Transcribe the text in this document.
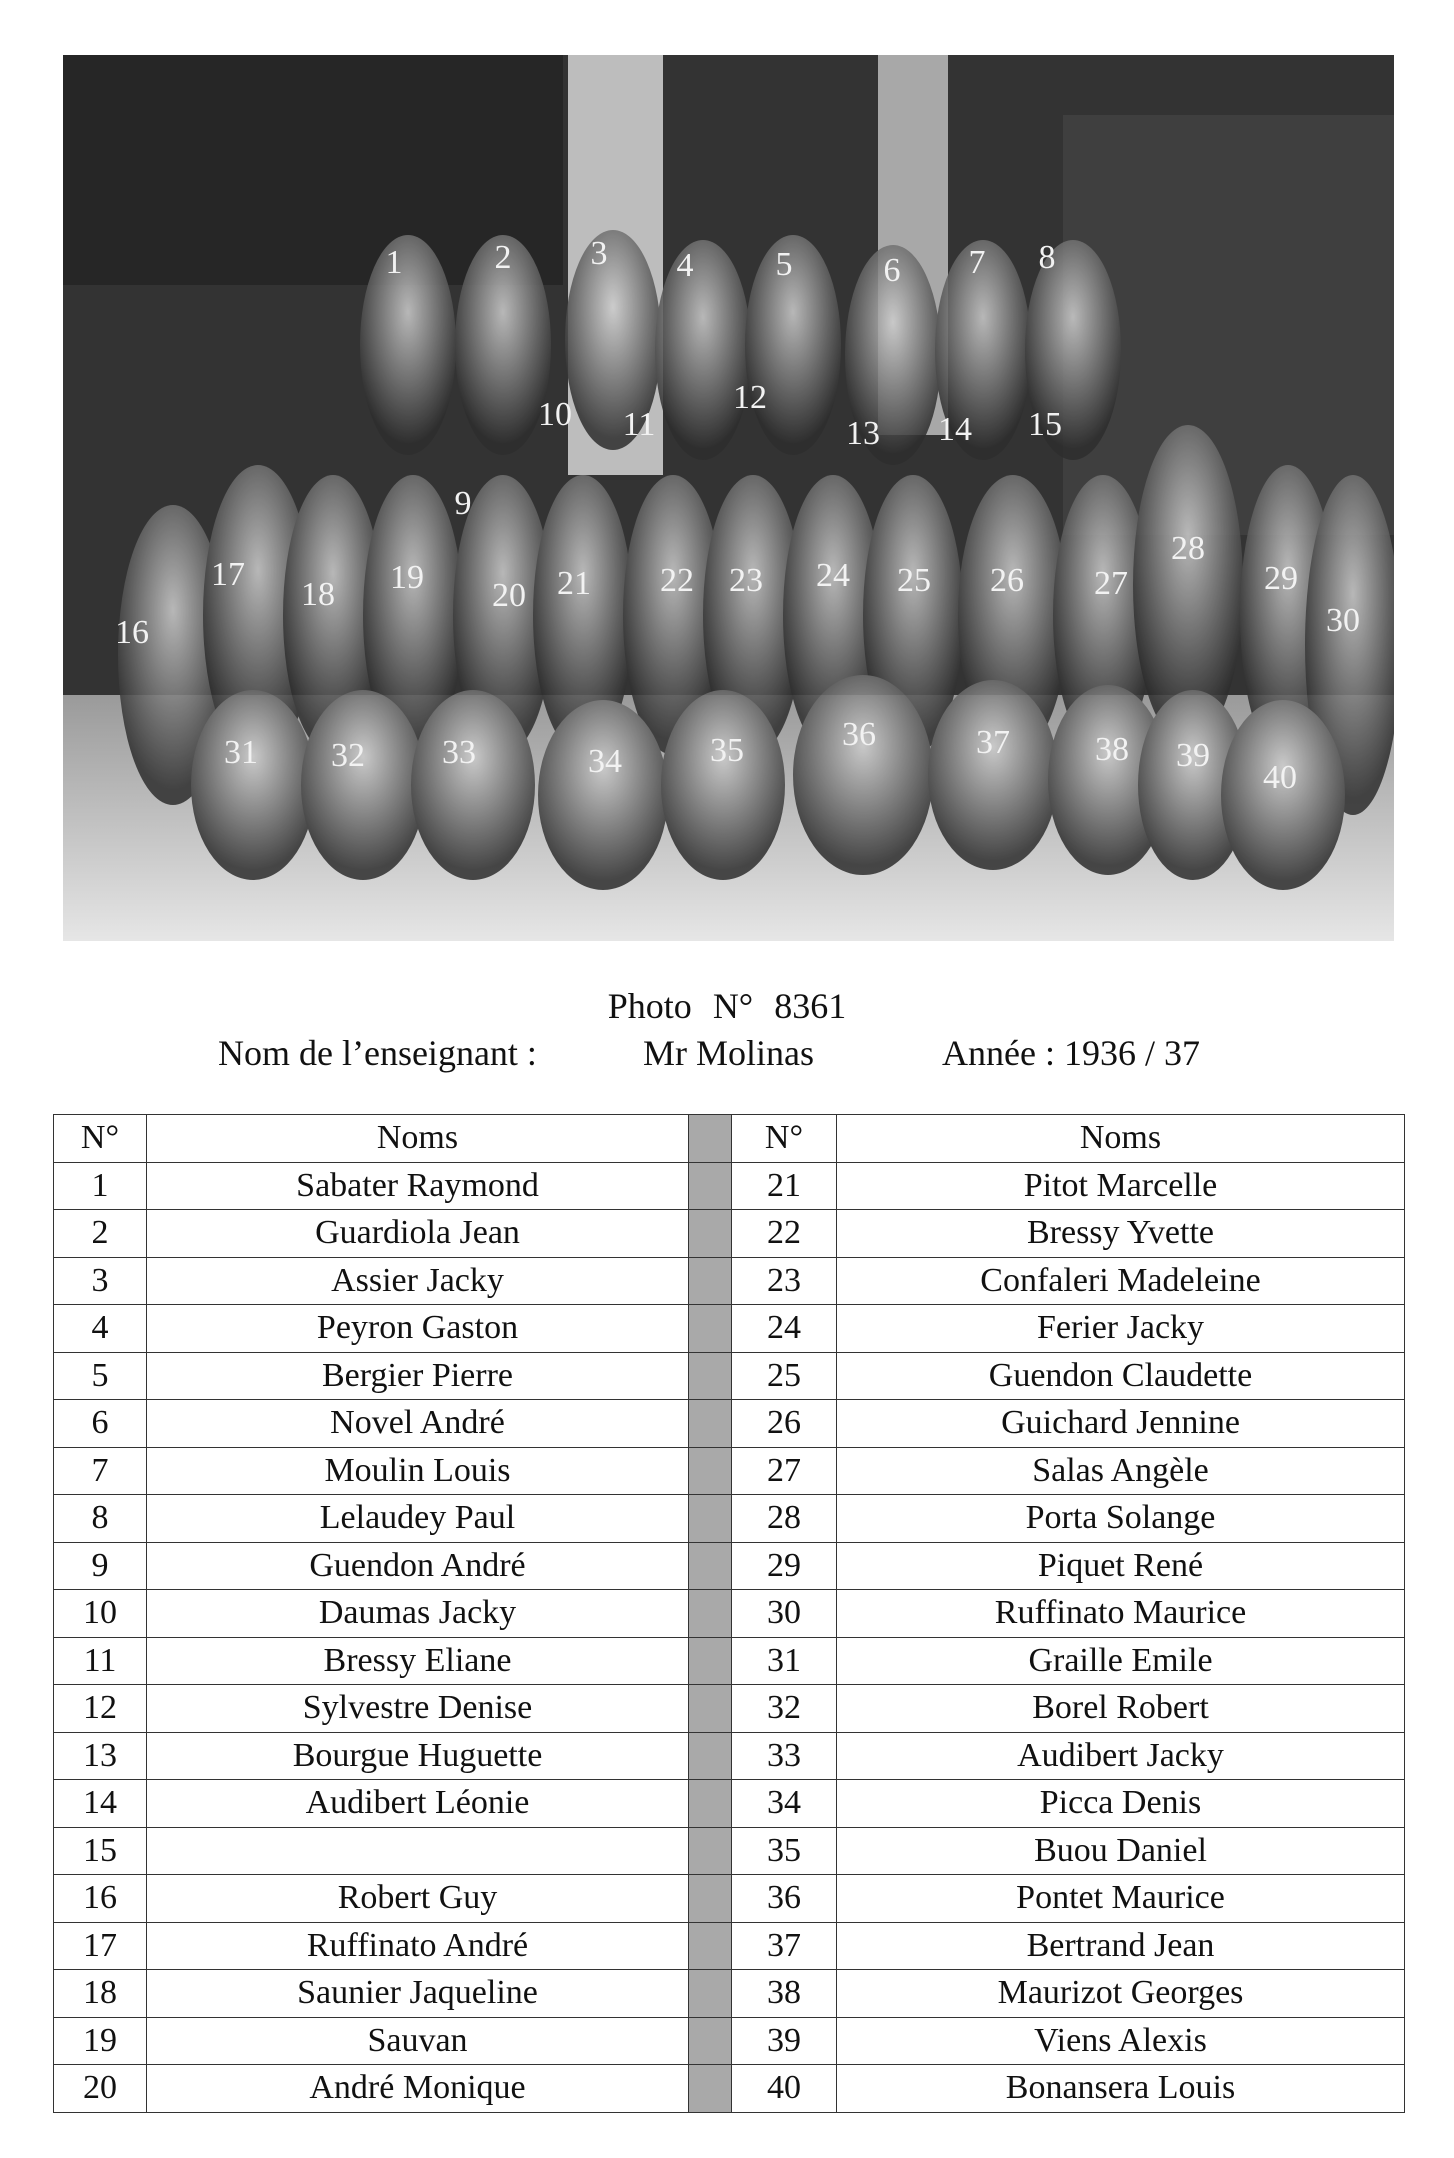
1	2 3 4 5	6 7 8
9
10 11
12
13 14 15
16
17
18 19 20 21 22 23 24 25 26 27
28
29
30
31 32 33	34	35	36	37	38 39
40
Photo N° 8361
Nom de l’enseignant :	Mr Molinas	Année : 1936 / 37
N°	Noms		N°	Noms
1	Sabater Raymond		21	Pitot Marcelle
2	Guardiola Jean		22	Bressy Yvette
3	Assier Jacky		23	Confaleri Madeleine
4	Peyron Gaston		24	Ferier Jacky
5	Bergier Pierre		25	Guendon Claudette
6	Novel André		26	Guichard Jennine
7	Moulin Louis		27	Salas Angèle
8	Lelaudey Paul		28	Porta Solange
9	Guendon André		29	Piquet René
10	Daumas Jacky		30	Ruffinato Maurice
11	Bressy Eliane		31	Graille Emile
12	Sylvestre Denise		32	Borel Robert
13	Bourgue Huguette		33	Audibert Jacky
14	Audibert Léonie		34	Picca Denis
15			35	Buou Daniel
16	Robert Guy		36	Pontet Maurice
17	Ruffinato André		37	Bertrand Jean
18	Saunier Jaqueline		38	Maurizot Georges
19	Sauvan		39	Viens Alexis
20	André Monique		40	Bonansera Louis
